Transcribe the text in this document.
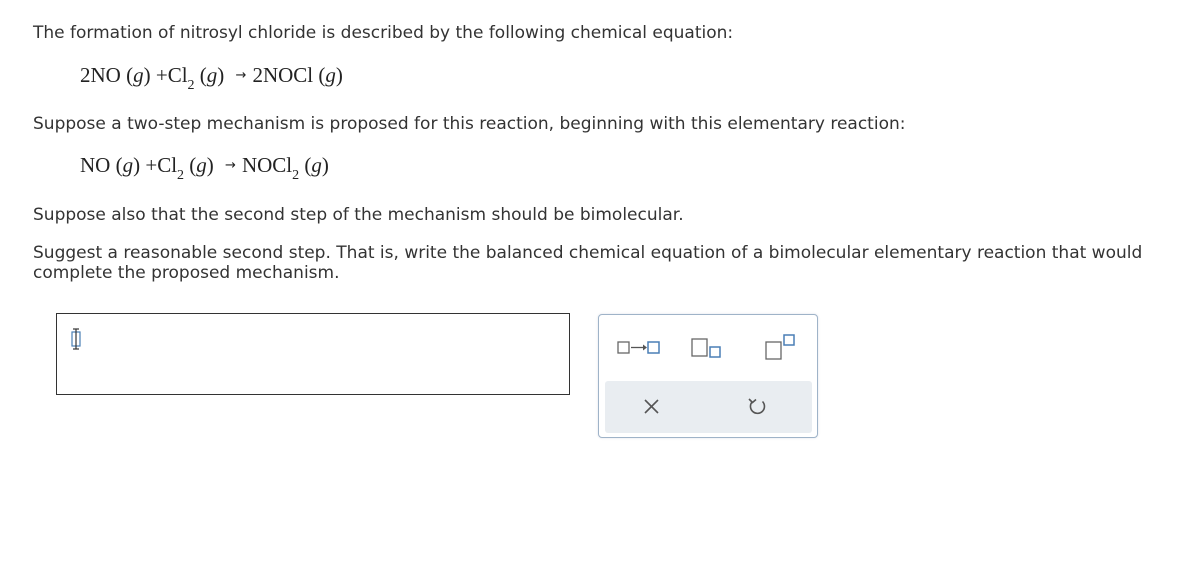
The formation of nitrosyl chloride is described by the following chemical equation:

2NO $(g) +Cl_2$ (g) → 2NOCl (g)

Suppose a two-step mechanism is proposed for this reaction, beginning with this elementary reaction:

NO $(g) +Cl_2$ (g) → NOCl$_2$ (g)

Suppose also that the second step of the mechanism should be bimolecular.

Suggest a reasonable second step. That is, write the balanced chemical equation of a bimolecular elementary reaction that would

complete the proposed mechanism.
